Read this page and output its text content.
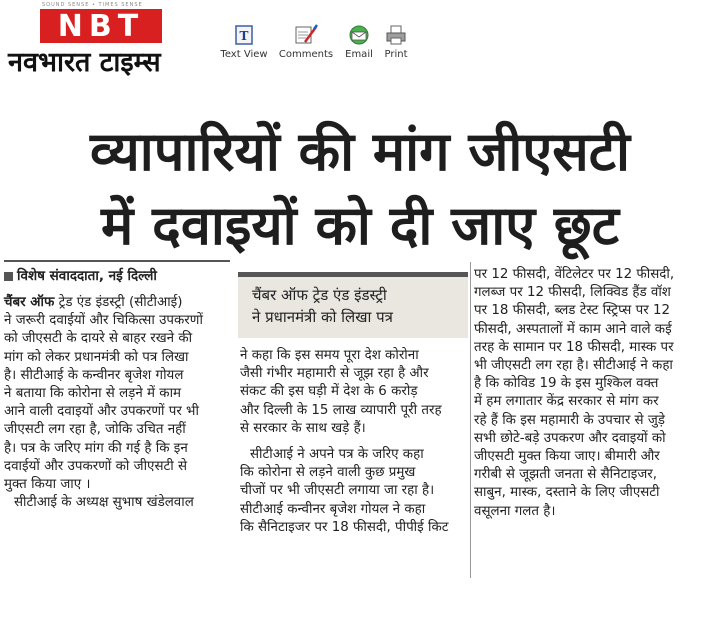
SOUND SENSE • TIMES SENSE
NBT
नवभारत टाइम्स
T
Text View	Comments	Email	Print
व्यापारियों की मांग जीएसटी
में दवाइयों को दी जाए छूट
विशेष संवाददाता, नई दिल्ली
चैंबर ऑफ ट्रेड एंड इंडस्ट्री
ने प्रधानमंत्री को लिखा पत्र
चैंबर ऑफ ट्रेड एंड इंडस्ट्री (सीटीआई)
ने जरूरी दवाईयों और चिकित्सा उपकरणों
को जीएसटी के दायरे से बाहर रखने की
मांग को लेकर प्रधानमंत्री को पत्र लिखा
है। सीटीआई के कन्वीनर बृजेश गोयल
ने बताया कि कोरोना से लड़ने में काम
आने वाली दवाइयों और उपकरणों पर भी
जीएसटी लग रहा है, जोकि उचित नहीं
है। पत्र के जरिए मांग की गई है कि इन
दवाईयों और उपकरणों को जीएसटी से
मुक्त किया जाए ।
सीटीआई के अध्यक्ष सुभाष खंडेलवाल
ने कहा कि इस समय पूरा देश कोरोना
जैसी गंभीर महामारी से जूझ रहा है और
संकट की इस घड़ी में देश के 6 करोड़
और दिल्ली के 15 लाख व्यापारी पूरी तरह
से सरकार के साथ खड़े हैं।
सीटीआई ने अपने पत्र के जरिए कहा
कि कोरोना से लड़ने वाली कुछ प्रमुख
चीजों पर भी जीएसटी लगाया जा रहा है।
सीटीआई कन्वीनर बृजेश गोयल ने कहा
कि सैनिटाइजर पर 18 फीसदी, पीपीई किट
पर 12 फीसदी, वेंटिलेटर पर 12 फीसदी,
गलब्ज पर 12 फीसदी, लिक्विड हैंड वॉश
पर 18 फीसदी, ब्लड टेस्ट स्ट्रिप्स पर 12
फीसदी, अस्पतालों में काम आने वाले कई
तरह के सामान पर 18 फीसदी, मास्क पर
भी जीएसटी लग रहा है। सीटीआई ने कहा
है कि कोविड 19 के इस मुश्किल वक्त
में हम लगातार केंद्र सरकार से मांग कर
रहे हैं कि इस महामारी के उपचार से जुड़े
सभी छोटे-बड़े उपकरण और दवाइयों को
जीएसटी मुक्त किया जाए। बीमारी और
गरीबी से जूझती जनता से सैनिटाइजर,
साबुन, मास्क, दस्ताने के लिए जीएसटी
वसूलना गलत है।
